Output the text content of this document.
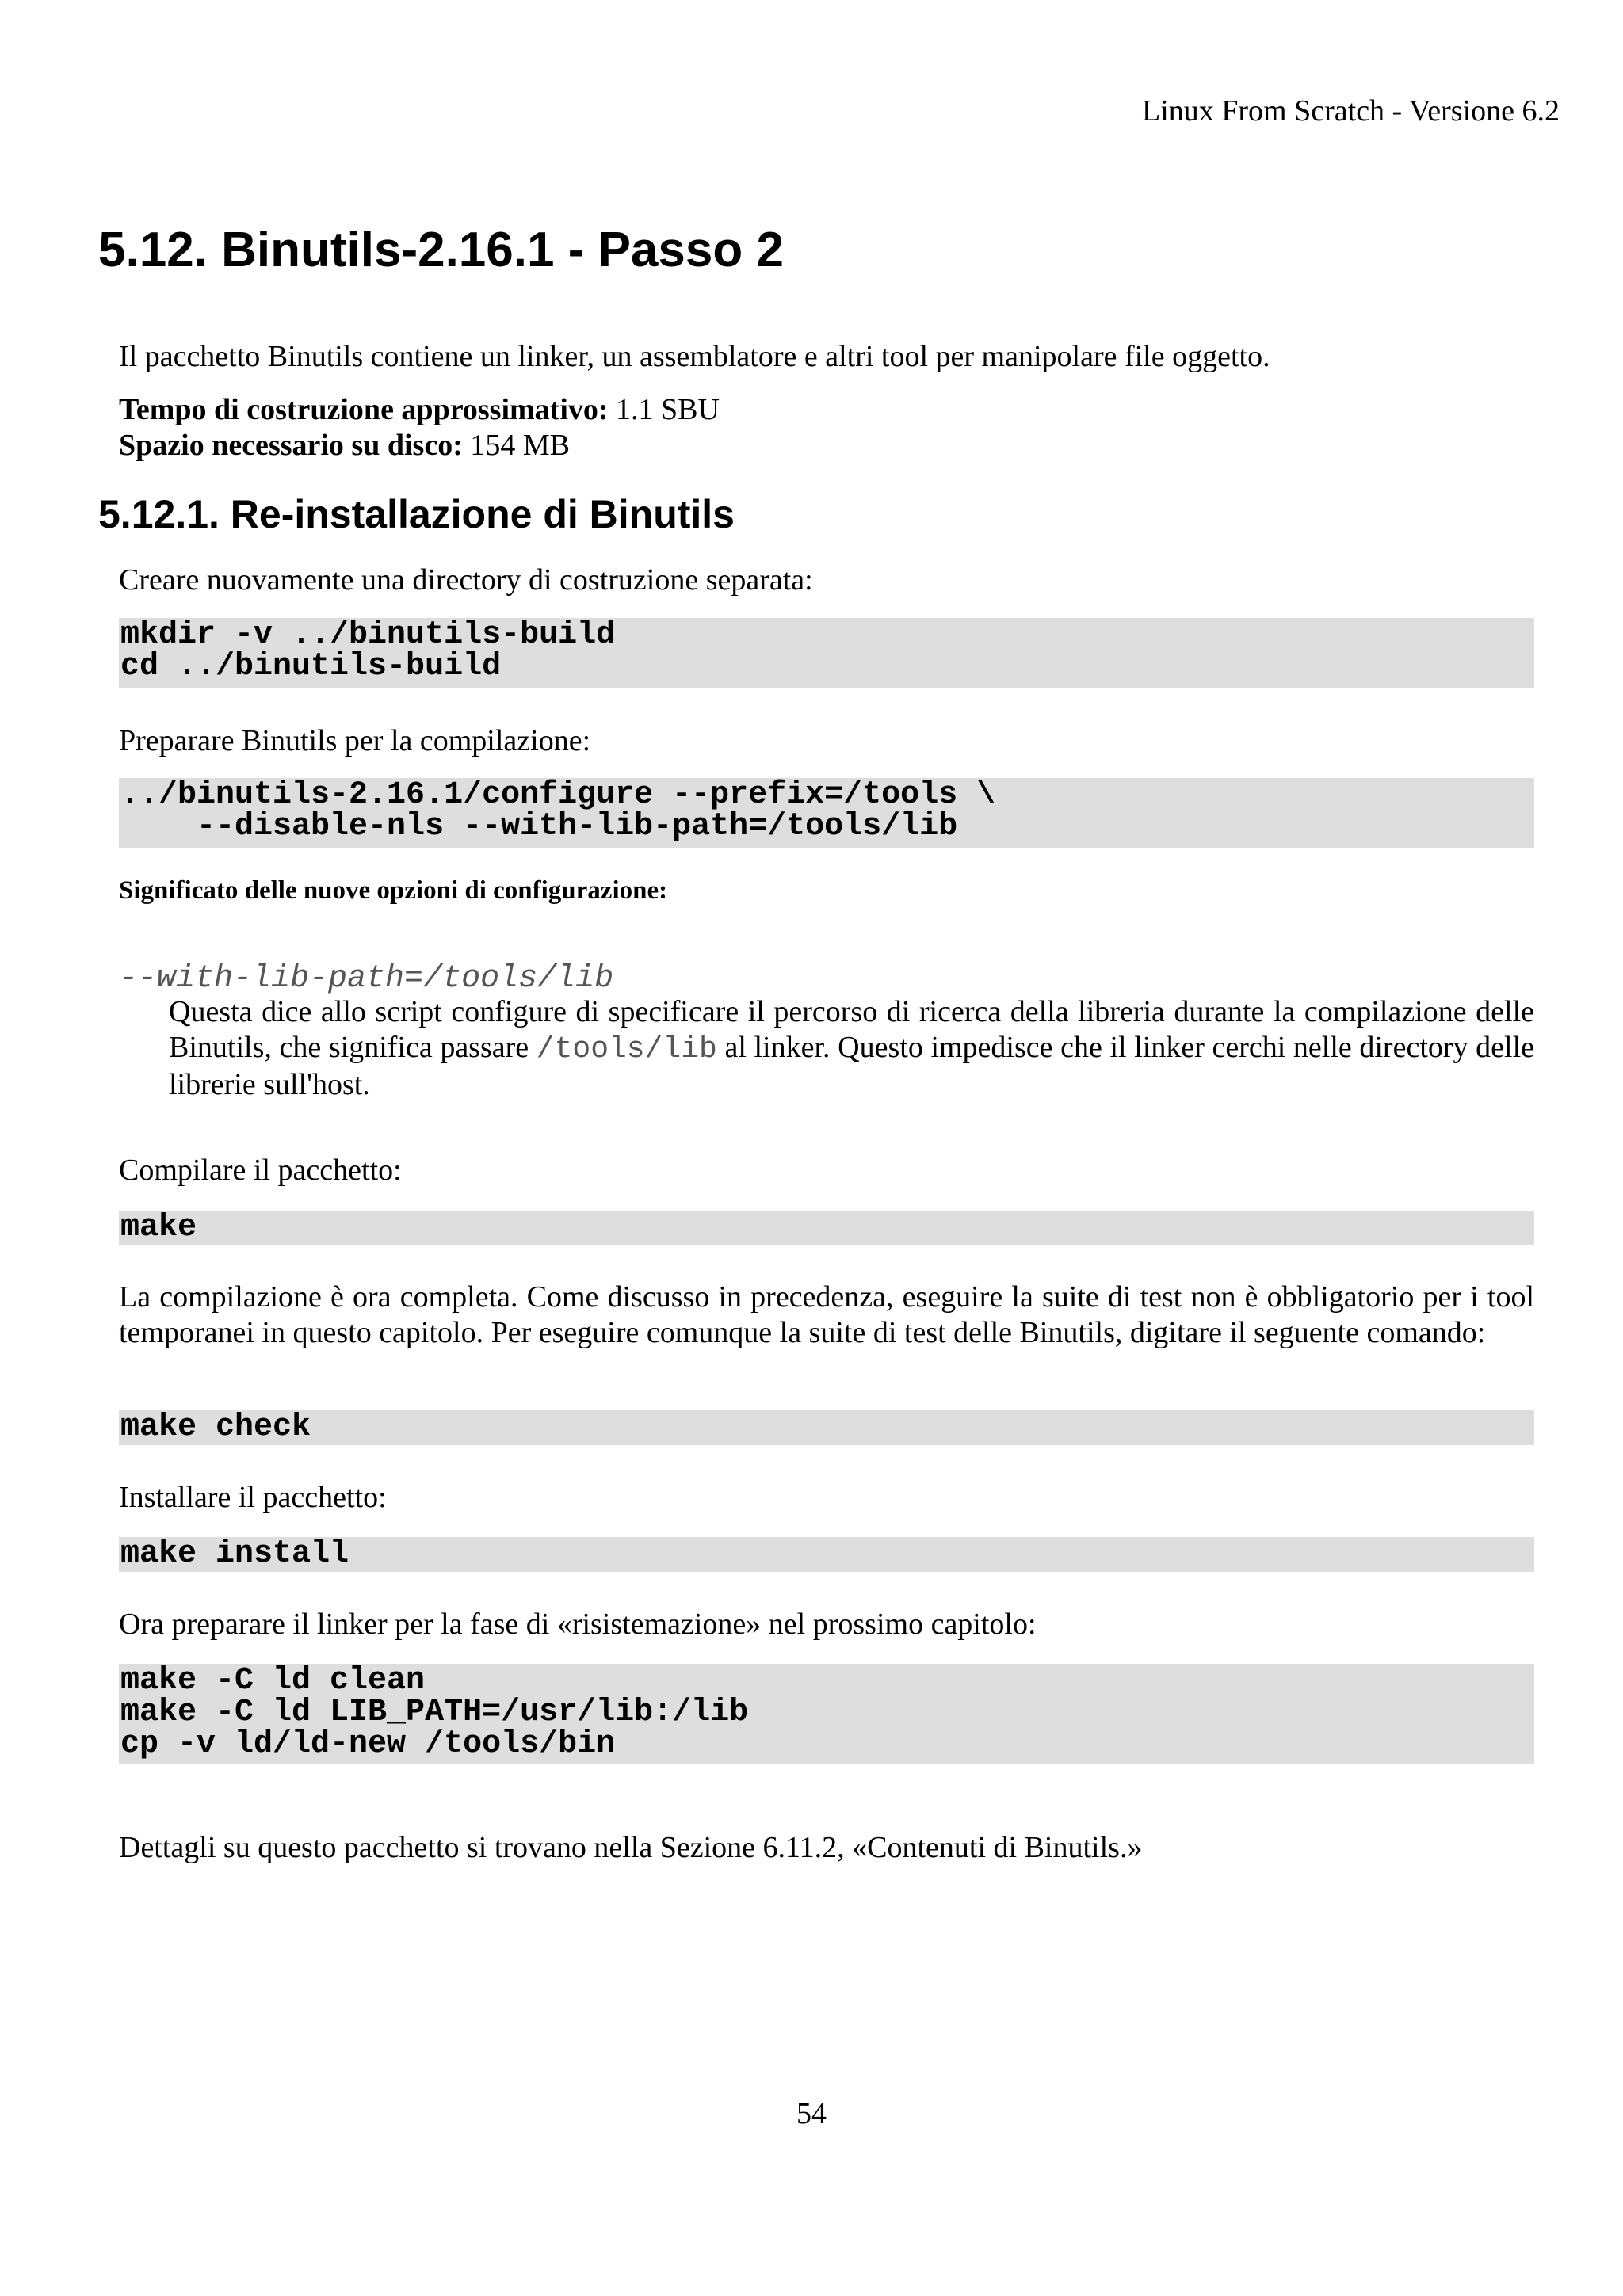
Linux From Scratch - Versione 6.2
5.12. Binutils-2.16.1 - Passo 2
Il pacchetto Binutils contiene un linker, un assemblatore e altri tool per manipolare file oggetto.
Tempo di costruzione approssimativo: 1.1 SBU
Spazio necessario su disco: 154 MB
5.12.1. Re-installazione di Binutils
Creare nuovamente una directory di costruzione separata:
mkdir -v ../binutils-build
cd ../binutils-build
Preparare Binutils per la compilazione:
../binutils-2.16.1/configure --prefix=/tools \
--disable-nls --with-lib-path=/tools/lib
Significato delle nuove opzioni di configurazione:
--with-lib-path=/tools/lib
Questa dice allo script configure di specificare il percorso di ricerca della libreria durante la compilazione delle Binutils, che significa passare /tools/lib al linker. Questo impedisce che il linker cerchi nelle directory delle librerie sull'host.
Compilare il pacchetto:
make
La compilazione è ora completa. Come discusso in precedenza, eseguire la suite di test non è obbligatorio per i tool temporanei in questo capitolo. Per eseguire comunque la suite di test delle Binutils, digitare il seguente comando:
make check
Installare il pacchetto:
make install
Ora preparare il linker per la fase di «risistemazione» nel prossimo capitolo:
make -C ld clean
make -C ld LIB_PATH=/usr/lib:/lib
cp -v ld/ld-new /tools/bin
Dettagli su questo pacchetto si trovano nella Sezione 6.11.2, «Contenuti di Binutils.»
54
